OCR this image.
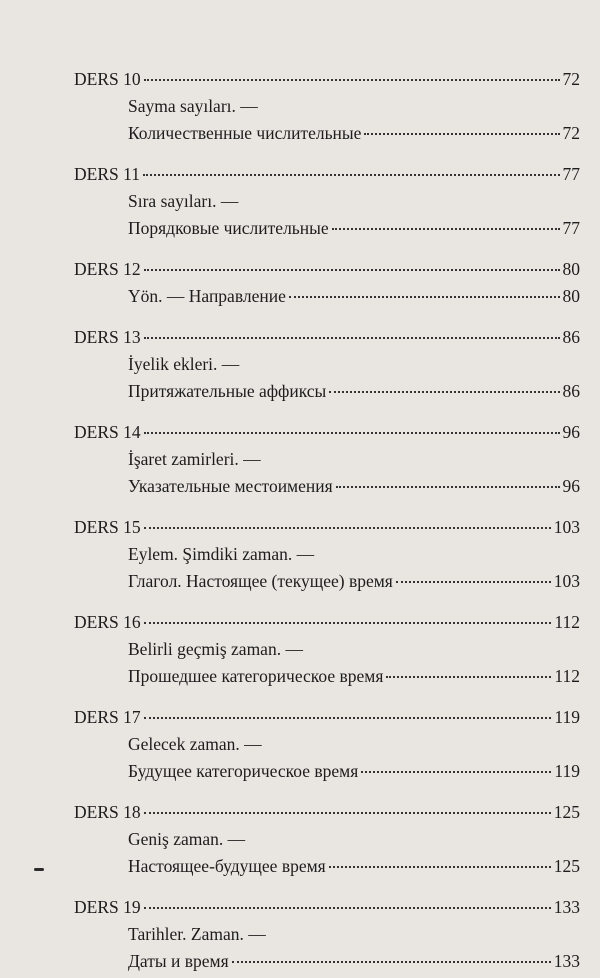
DERS 10	72
Sayma sayıları. —
Количественные числительные	72
DERS 11	77
Sıra sayıları. —
Порядковые числительные	77
DERS 12	80
Yön. — Направление	80
DERS 13	86
İyelik ekleri. —
Притяжательные аффиксы	86
DERS 14	96
İşaret zamirleri. —
Указательные местоимения	96
DERS 15	103
Eylem. Şimdiki zaman. —
Глагол. Настоящее (текущее) время	103
DERS 16	112
Belirli geçmiş zaman. —
Прошедшее категорическое время	112
DERS 17	119
Gelecek zaman. —
Будущее категорическое время	119
DERS 18	125
Geniş zaman. —
Настоящее-будущее время	125
DERS 19	133
Tarihler. Zaman. —
Даты и время	133
